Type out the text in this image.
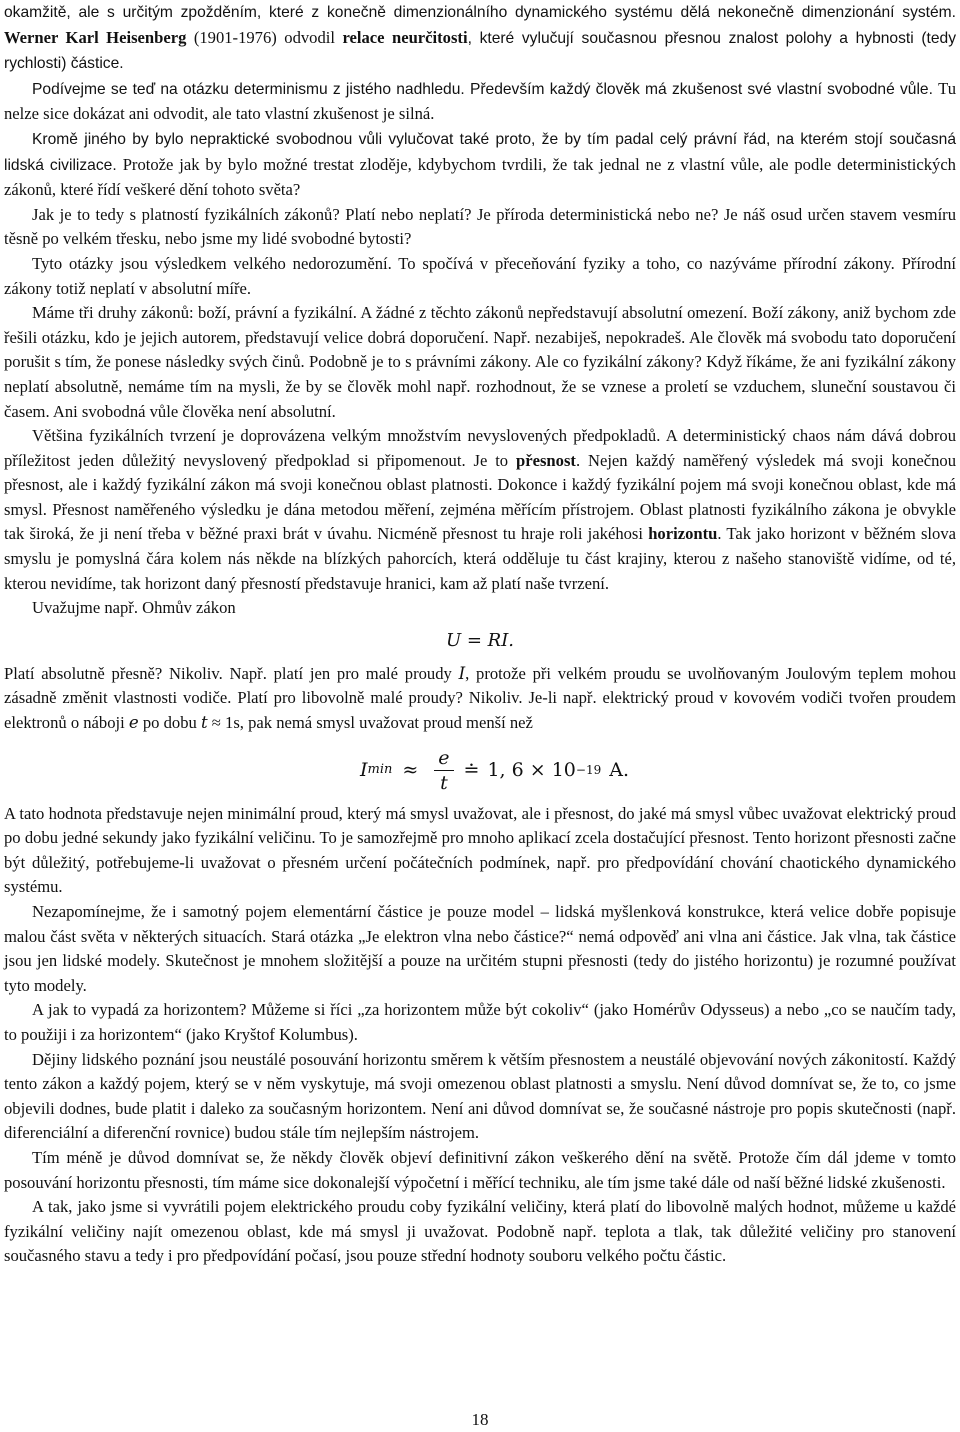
okamžitě, ale s určitým zpožděním, které z konečně dimenzionálního dynamického systému dělá nekonečně dimenzionání systém. Werner Karl Heisenberg (1901-1976) odvodil relace neurčitosti, které vylučují současnou přesnou znalost polohy a hybnosti (tedy rychlosti) částice.

Podívejme se teď na otázku determinismu z jistého nadhledu. Především každý člověk má zkušenost své vlastní svobodné vůle. Tu nelze sice dokázat ani odvodit, ale tato vlastní zkušenost je silná.

Kromě jiného by bylo nepraktické svobodnou vůli vylučovat také proto, že by tím padal celý právní řád, na kterém stojí současná lidská civilizace. Protože jak by bylo možné trestat zloděje, kdybychom tvrdili, že tak jednal ne z vlastní vůle, ale podle deterministických zákonů, které řídí veškeré dění tohoto světa?

Jak je to tedy s platností fyzikálních zákonů? Platí nebo neplatí? Je příroda deterministická nebo ne? Je náš osud určen stavem vesmíru těsně po velkém třesku, nebo jsme my lidé svobodné bytosti?

Tyto otázky jsou výsledkem velkého nedorozumění. To spočívá v přeceňování fyziky a toho, co nazýváme přírodní zákony. Přírodní zákony totiž neplatí v absolutní míře.

Máme tři druhy zákonů: boží, právní a fyzikální. A žádné z těchto zákonů nepředstavují absolutní omezení. Boží zákony, aniž bychom zde řešili otázku, kdo je jejich autorem, představují velice dobrá doporučení. Např. nezabiješ, nepokradeš. Ale člověk má svobodu tato doporučení porušit s tím, že ponese následky svých činů. Podobně je to s právními zákony. Ale co fyzikální zákony? Když říkáme, že ani fyzikální zákony neplatí absolutně, nemáme tím na mysli, že by se člověk mohl např. rozhodnout, že se vznese a proletí se vzduchem, sluneční soustavou či časem. Ani svobodná vůle člověka není absolutní.

Většina fyzikálních tvrzení je doprovázena velkým množstvím nevyslovených předpokladů. A deterministický chaos nám dává dobrou příležitost jeden důležitý nevyslovený předpoklad si připomenout. Je to přesnost. Nejen každý naměřený výsledek má svoji konečnou přesnost, ale i každý fyzikální zákon má svoji konečnou oblast platnosti. Dokonce i každý fyzikální pojem má svoji konečnou oblast, kde má smysl. Přesnost naměřeného výsledku je dána metodou měření, zejména měřícím přístrojem. Oblast platnosti fyzikálního zákona je obvykle tak široká, že ji není třeba v běžné praxi brát v úvahu. Nicméně přesnost tu hraje roli jakéhosi horizontu. Tak jako horizont v běžném slova smyslu je pomyslná čára kolem nás někde na blízkých pahorcích, která odděluje tu část krajiny, kterou z našeho stanoviště vidíme, od té, kterou nevidíme, tak horizont daný přesností představuje hranici, kam až platí naše tvrzení.

Uvažujme např. Ohmův zákon

U = RI.

Platí absolutně přesně? Nikoliv. Např. platí jen pro malé proudy I, protože při velkém proudu se uvolňovaným Joulovým teplem mohou zásadně změnit vlastnosti vodiče. Platí pro libovolně malé proudy? Nikoliv. Je-li např. elektrický proud v kovovém vodiči tvořen proudem elektronů o náboji e po dobu t ≈ 1s, pak nemá smysl uvažovat proud menší než

I $\min \approx \frac{e}{t}$ ≐ 1, 6 × 10 −19 A.

A tato hodnota představuje nejen minimální proud, který má smysl uvažovat, ale i přesnost, do jaké má smysl vůbec uvažovat elektrický proud po dobu jedné sekundy jako fyzikální veličinu. To je samozřejmě pro mnoho aplikací zcela dostačující přesnost. Tento horizont přesnosti začne být důležitý, potřebujeme-li uvažovat o přesném určení počátečních podmínek, např. pro předpovídání chování chaotického dynamického systému.

Nezapomínejme, že i samotný pojem elementární částice je pouze model – lidská myšlenková konstrukce, která velice dobře popisuje malou část světa v některých situacích. Stará otázka „Je elektron vlna nebo částice?“ nemá odpověď ani vlna ani částice. Jak vlna, tak částice jsou jen lidské modely. Skutečnost je mnohem složitější a pouze na určitém stupni přesnosti (tedy do jistého horizontu) je rozumné používat tyto modely.

A jak to vypadá za horizontem? Můžeme si říci „za horizontem může být cokoliv“ (jako Homérův Odysseus) a nebo „co se naučím tady, to použiji i za horizontem“ (jako Kryštof Kolumbus).

Dějiny lidského poznání jsou neustálé posouvání horizontu směrem k větším přesnostem a neustálé objevování nových zákonitostí. Každý tento zákon a každý pojem, který se v něm vyskytuje, má svoji omezenou oblast platnosti a smyslu. Není důvod domnívat se, že to, co jsme objevili dodnes, bude platit i daleko za současným horizontem. Není ani důvod domnívat se, že současné nástroje pro popis skutečnosti (např. diferenciální a diferenční rovnice) budou stále tím nejlepším nástrojem.

Tím méně je důvod domnívat se, že někdy člověk objeví definitivní zákon veškerého dění na světě. Protože čím dál jdeme v tomto posouvání horizontu přesnosti, tím máme sice dokonalejší výpočetní i měřící techniku, ale tím jsme také dále od naší běžné lidské zkušenosti.

A tak, jako jsme si vyvrátili pojem elektrického proudu coby fyzikální veličiny, která platí do libovolně malých hodnot, můžeme u každé fyzikální veličiny najít omezenou oblast, kde má smysl ji uvažovat. Podobně např. teplota a tlak, tak důležité veličiny pro stanovení současného stavu a tedy i pro předpovídání počasí, jsou pouze střední hodnoty souboru velkého počtu částic.

18
